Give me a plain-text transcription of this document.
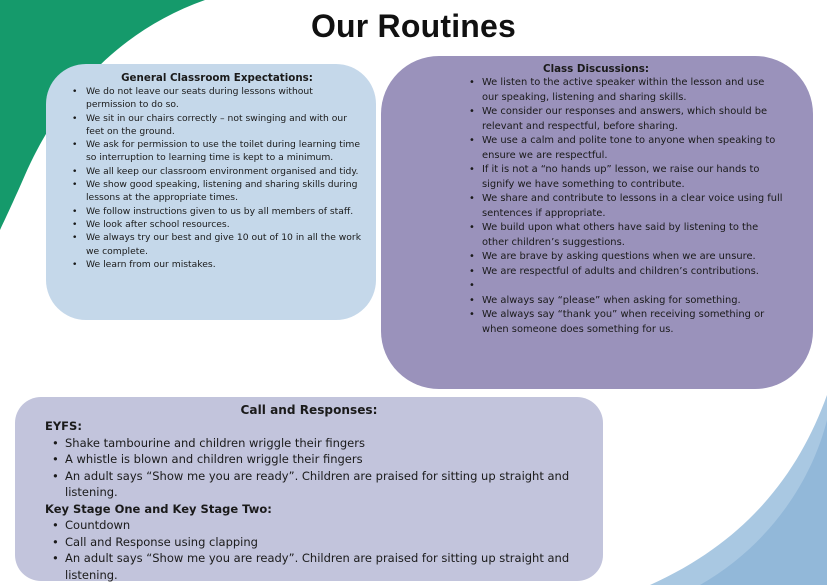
Our Routines

General Classroom Expectations:

• We do not leave our seats during lessons without permission to do so.
• We sit in our chairs correctly – not swinging and with our feet on the ground.
• We ask for permission to use the toilet during learning time so interruption to learning time is kept to a minimum.
• We all keep our classroom environment organised and tidy.
• We show good speaking, listening and sharing skills during lessons at the appropriate times.
• We follow instructions given to us by all members of staff.
• We look after school resources.
• We always try our best and give 10 out of 10 in all the work we complete.
• We learn from our mistakes.

Class Discussions:

• We listen to the active speaker within the lesson and use our speaking, listening and sharing skills.
• We consider our responses and answers, which should be relevant and respectful, before sharing.
• We use a calm and polite tone to anyone when speaking to ensure we are respectful.
• If it is not a “no hands up” lesson, we raise our hands to signify we have something to contribute.
• We share and contribute to lessons in a clear voice using full sentences if appropriate.
• We build upon what others have said by listening to the other children’s suggestions.
• We are brave by asking questions when we are unsure.
• We are respectful of adults and children’s contributions.
•
• We always say “please” when asking for something.
• We always say “thank you” when receiving something or when someone does something for us.

Call and Responses:

EYFS:
• Shake tambourine and children wriggle their fingers
• A whistle is blown and children wriggle their fingers
• An adult says “Show me you are ready”. Children are praised for sitting up straight and listening.
Key Stage One and Key Stage Two:
• Countdown
• Call and Response using clapping
• An adult says “Show me you are ready”. Children are praised for sitting up straight and listening.
